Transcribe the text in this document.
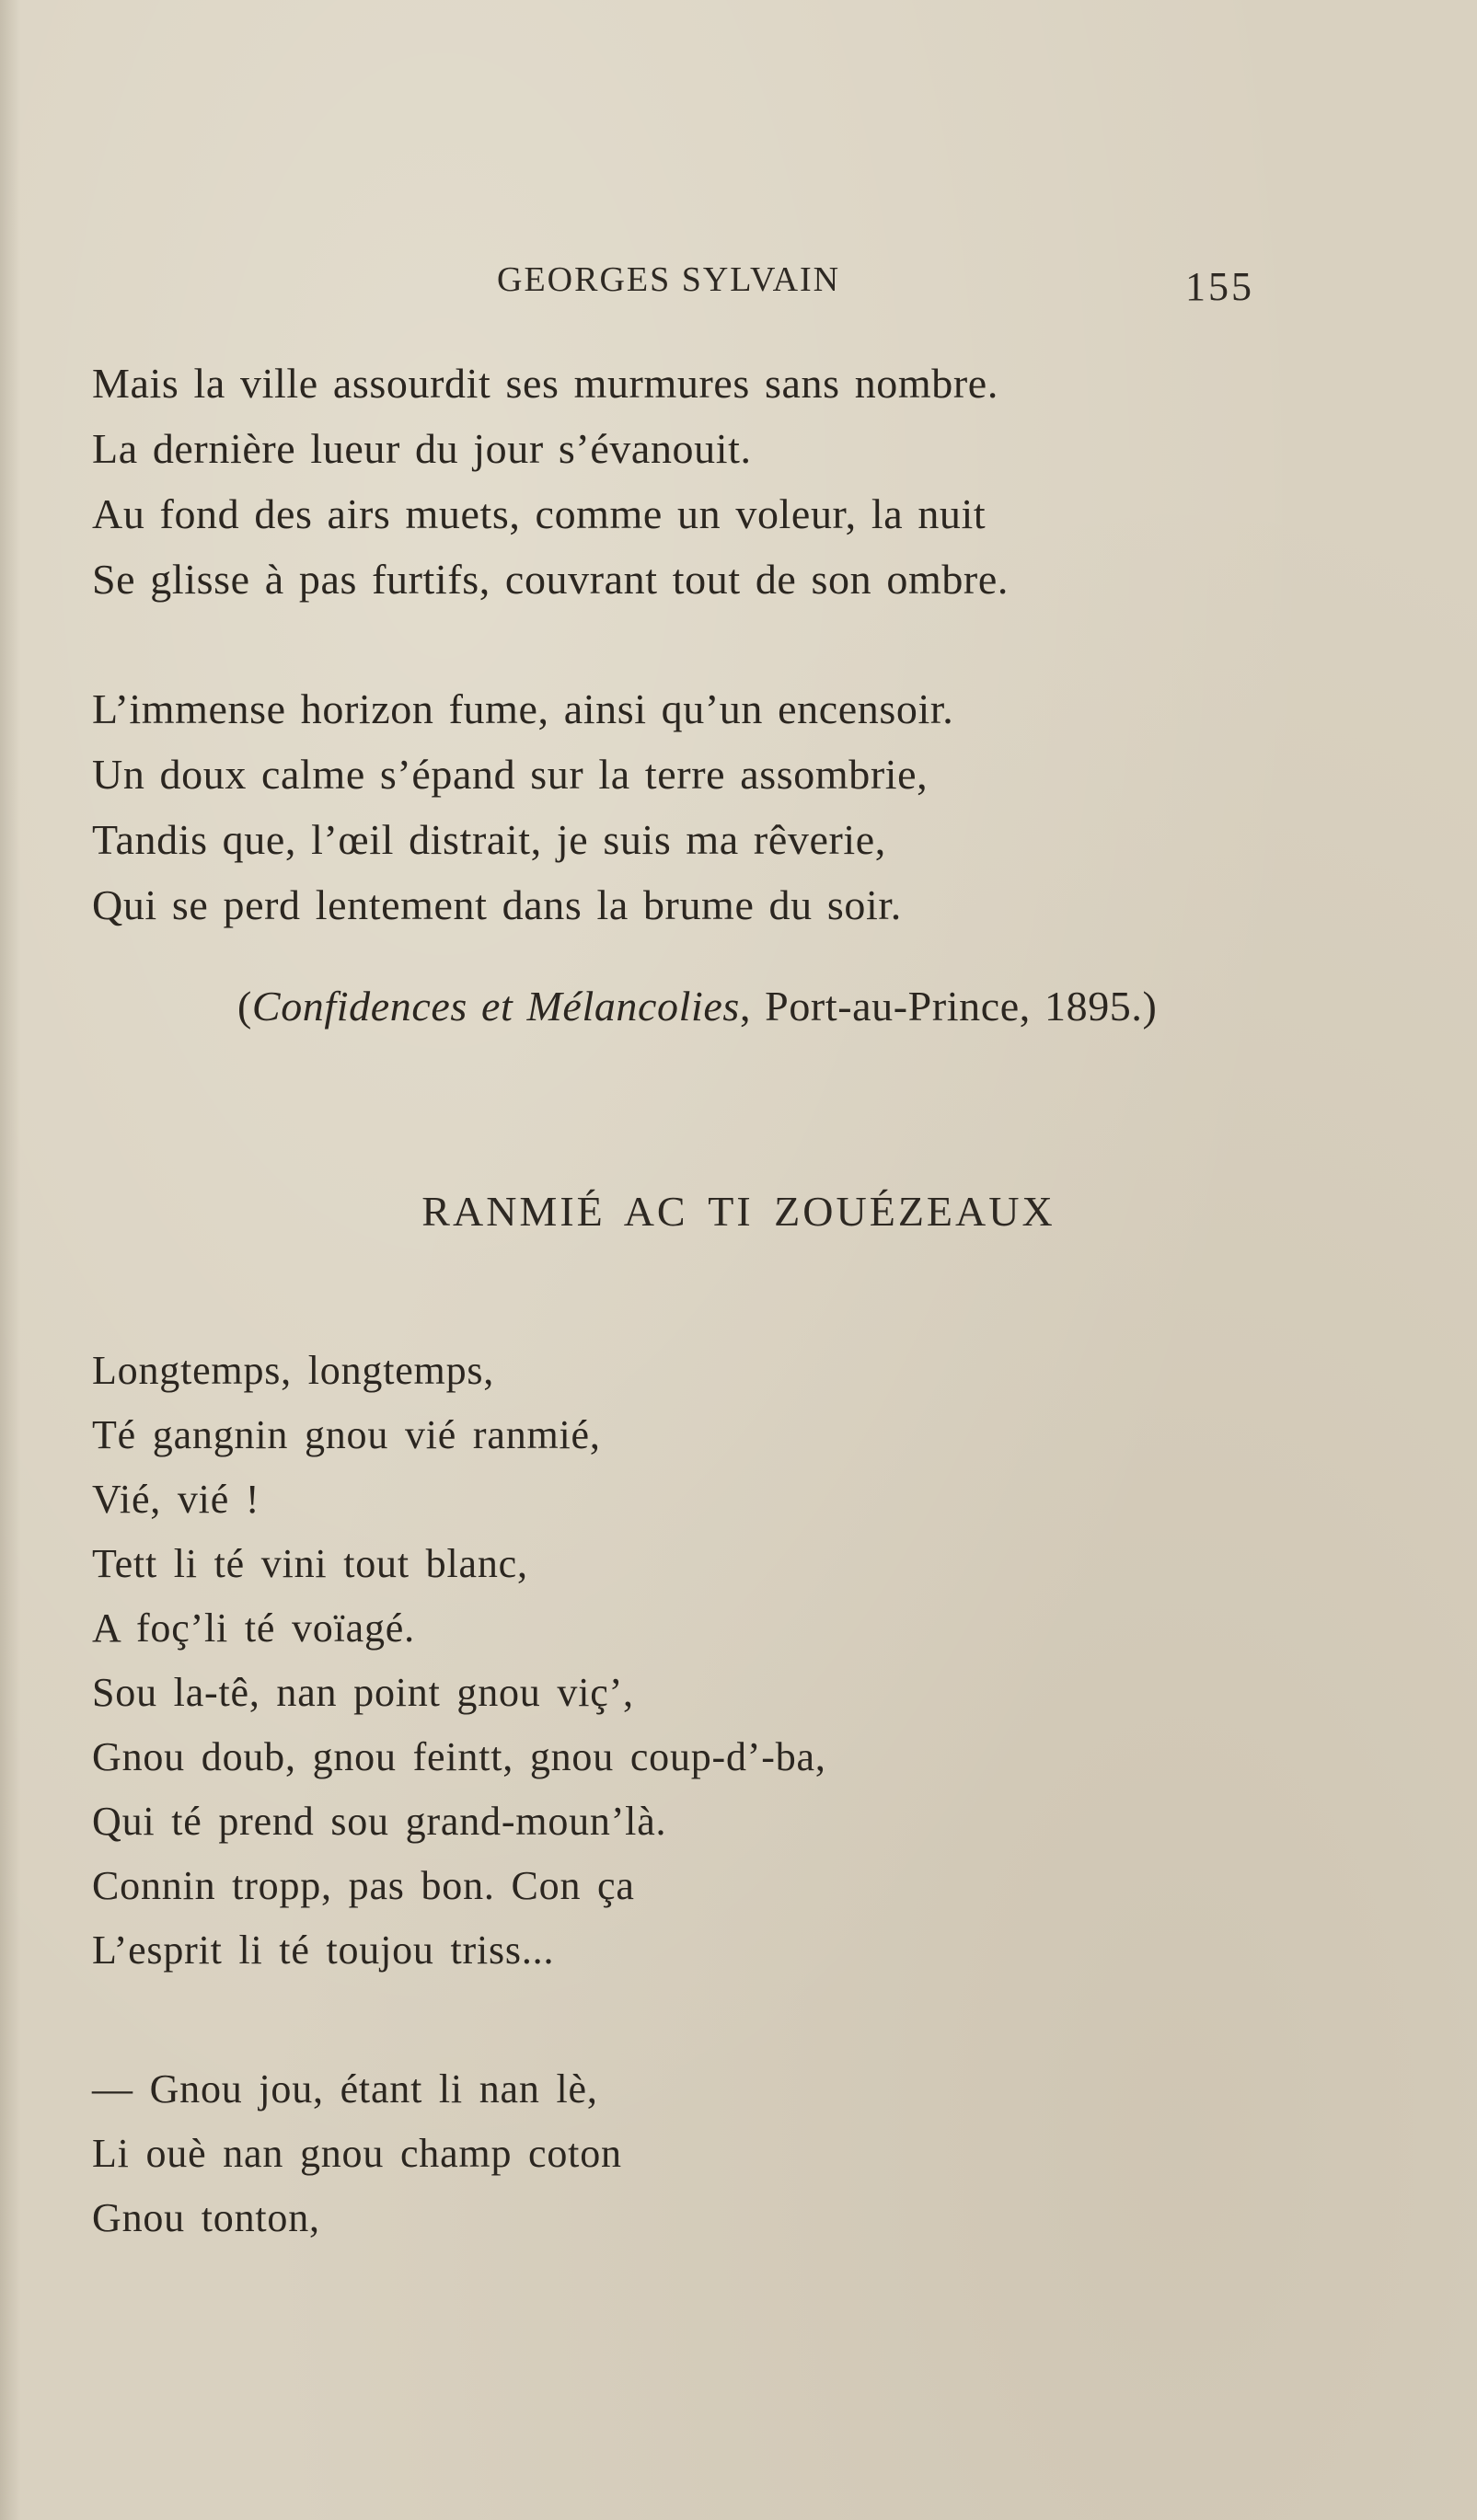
GEORGES SYLVAIN	155
Mais la ville assourdit ses murmures sans nombre.
La dernière lueur du jour s’évanouit.
Au fond des airs muets, comme un voleur, la nuit
Se glisse à pas furtifs, couvrant tout de son ombre.
L’immense horizon fume, ainsi qu’un encensoir.
Un doux calme s’épand sur la terre assombrie,
Tandis que, l’œil distrait, je suis ma rêverie,
Qui se perd lentement dans la brume du soir.
(Confidences et Mélancolies, Port-au-Prince, 1895.)
RANMIÉ AC TI ZOUÉZEAUX
Longtemps, longtemps,
Té gangnin gnou vié ranmié,
Vié, vié !
Tett li té vini tout blanc,
A foç’li té voïagé.
Sou la-tê, nan point gnou viç’,
Gnou doub, gnou feintt, gnou coup-d’-ba,
Qui té prend sou grand-moun’là.
Connin tropp, pas bon. Con ça
L’esprit li té toujou triss...
— Gnou jou, étant li nan lè,
Li ouè nan gnou champ coton
Gnou tonton,
